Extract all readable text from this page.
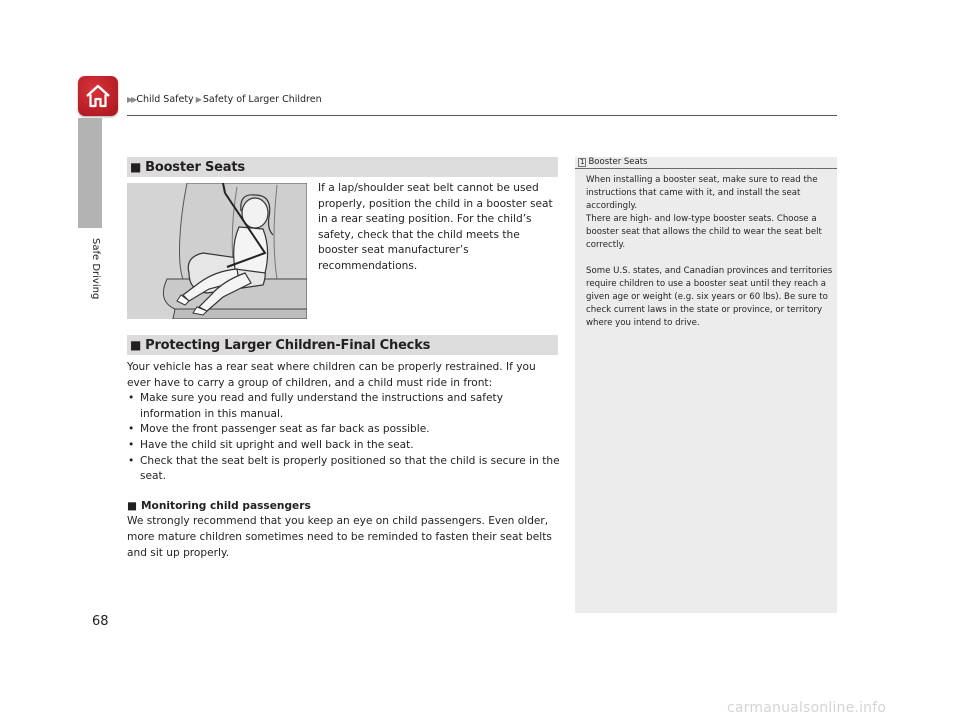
▶▶ Child Safety ▶ Safety of Larger Children
Safe Driving
■ Booster Seats
If a lap/shoulder seat belt cannot be used properly, position the child in a booster seat in a rear seating position. For the child’s safety, check that the child meets the booster seat manufacturer’s recommendations.
■ Protecting Larger Children-Final Checks

Your vehicle has a rear seat where children can be properly restrained. If you ever have to carry a group of children, and a child must ride in front:

• Make sure you read and fully understand the instructions and safety information in this manual.
• Move the front passenger seat as far back as possible.
• Have the child sit upright and well back in the seat.
• Check that the seat belt is properly positioned so that the child is secure in the seat.

■ Monitoring child passengers

We strongly recommend that you keep an eye on child passengers. Even older, more mature children sometimes need to be reminded to fasten their seat belts and sit up properly.

1 Booster Seats

When installing a booster seat, make sure to read the instructions that came with it, and install the seat accordingly.
There are high- and low-type booster seats. Choose a booster seat that allows the child to wear the seat belt correctly.

Some U.S. states, and Canadian provinces and territories require children to use a booster seat until they reach a given age or weight (e.g. six years or 60 lbs). Be sure to check current laws in the state or province, or territory where you intend to drive.

68
carmanualsonline.info
